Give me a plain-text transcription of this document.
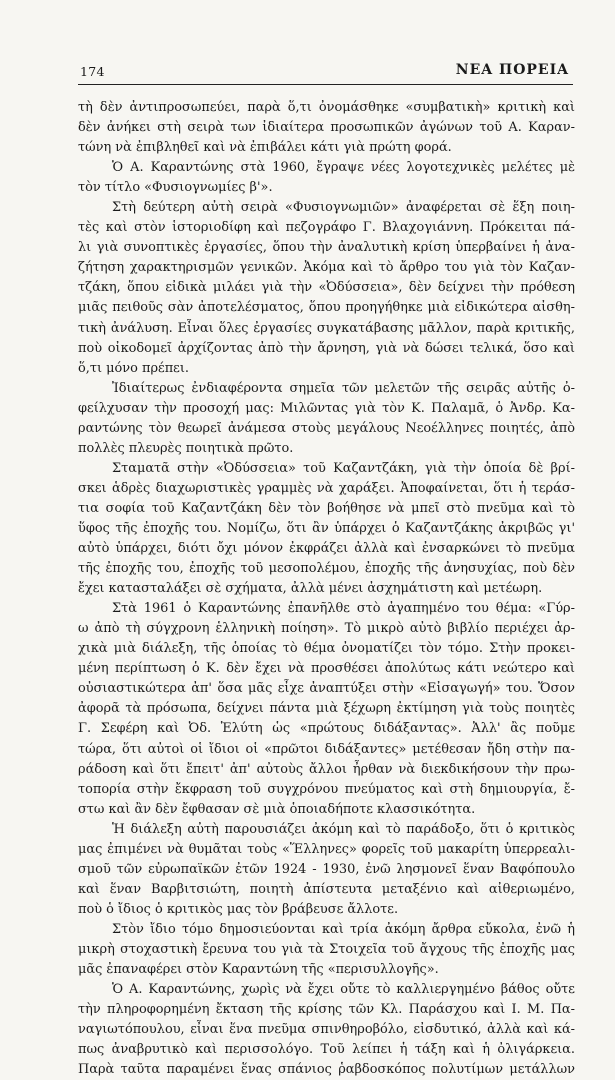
174	ΝΕΑ ΠΟΡΕΙΑ
τὴ δὲν ἀντιπροσωπεύει, παρὰ ὅ,τι ὀνομάσθηκε «συμβατικὴ» κριτικὴ καὶ
δὲν ἀνήκει στὴ σειρὰ των ἰδιαίτερα προσωπικῶν ἀγώνων τοῦ Α. Καραν-
τώνη νὰ ἐπιβληθεῖ καὶ νὰ ἐπιβάλει κάτι γιὰ πρώτη φορά.
Ὁ Α. Καραντώνης στὰ 1960, ἔγραψε νέες λογοτεχνικὲς μελέτες μὲ
τὸν τίτλο «Φυσιογνωμίες β'».
Στὴ δεύτερη αὐτὴ σειρὰ «Φυσιογνωμιῶν» ἀναφέρεται σὲ ἕξη ποιη-
τὲς καὶ στὸν ἱστοριοδίφη καὶ πεζογράφο Γ. Βλαχογιάννη. Πρόκειται πά-
λι γιὰ συνοπτικὲς ἐργασίες, ὅπου τὴν ἀναλυτικὴ κρίση ὑπερβαίνει ἡ ἀνα-
ζήτηση χαρακτηρισμῶν γενικῶν. Ἀκόμα καὶ τὸ ἄρθρο του γιὰ τὸν Καζαν-
τζάκη, ὅπου εἰδικὰ μιλάει γιὰ τὴν «Ὀδύσσεια», δὲν δείχνει τὴν πρόθεση
μιᾶς πειθοῦς σὰν ἀποτελέσματος, ὅπου προηγήθηκε μιὰ εἰδικώτερα αἰσθη-
τικὴ ἀνάλυση. Εἶναι ὅλες ἐργασίες συγκατάβασης μᾶλλον, παρὰ κριτικῆς,
ποὺ οἰκοδομεῖ ἀρχίζοντας ἀπὸ τὴν ἄρνηση, γιὰ νὰ δώσει τελικά, ὅσο καὶ
ὅ,τι μόνο πρέπει.
Ἰδιαίτερως ἐνδιαφέροντα σημεῖα τῶν μελετῶν τῆς σειρᾶς αὐτῆς ὀ-
φείλχυσαν τὴν προσοχή μας: Μιλῶντας γιὰ τὸν Κ. Παλαμᾶ, ὁ Ἀνδρ. Κα-
ραντώνης τὸν θεωρεῖ ἀνάμεσα στοὺς μεγάλους Νεοέλληνες ποιητές, ἀπὸ
πολλὲς πλευρὲς ποιητικὰ πρῶτο.
Σταματᾶ στὴν «Ὀδύσσεια» τοῦ Καζαντζάκη, γιὰ τὴν ὁποία δὲ βρί-
σκει ἁδρὲς διαχωριστικὲς γραμμὲς νὰ χαράξει. Ἀποφαίνεται, ὅτι ἡ τεράσ-
τια σοφία τοῦ Καζαντζάκη δὲν τὸν βοήθησε νὰ μπεῖ στὸ πνεῦμα καὶ τὸ
ὕφος τῆς ἐποχῆς του. Νομίζω, ὅτι ἂν ὑπάρχει ὁ Καζαντζάκης ἀκριβῶς γι'
αὐτὸ ὑπάρχει, διότι ὄχι μόνον ἐκφράζει ἀλλὰ καὶ ἐνσαρκώνει τὸ πνεῦμα
τῆς ἐποχῆς του, ἐποχῆς τοῦ μεσοπολέμου, ἐποχῆς τῆς ἀνησυχίας, ποὺ δὲν
ἔχει κατασταλάξει σὲ σχήματα, ἀλλὰ μένει ἀσχημάτιστη καὶ μετέωρη.
Στὰ 1961 ὁ Καραντώνης ἐπανῆλθε στὸ ἀγαπημένο του θέμα: «Γύρ-
ω ἀπὸ τὴ σύγχρονη ἑλληνικὴ ποίηση». Τὸ μικρὸ αὐτὸ βιβλίο περιέχει ἀρ-
χικὰ μιὰ διάλεξη, τῆς ὁποίας τὸ θέμα ὀνοματίζει τὸν τόμο. Στὴν προκει-
μένη περίπτωση ὁ Κ. δὲν ἔχει νὰ προσθέσει ἀπολύτως κάτι νεώτερο καὶ
οὐσιαστικώτερα ἀπ' ὅσα μᾶς εἶχε ἀναπτύξει στὴν «Εἰσαγωγή» του. Ὅσον
ἀφορᾶ τὰ πρόσωπα, δείχνει πάντα μιὰ ξέχωρη ἐκτίμηση γιὰ τοὺς ποιητὲς
Γ. Σεφέρη καὶ Ὀδ. Ἐλύτη ὡς «πρώτους διδάξαντας». Ἀλλ' ἂς ποῦμε
τώρα, ὅτι αὐτοὶ οἱ ἴδιοι οἱ «πρῶτοι διδάξαντες» μετέθεσαν ἤδη στὴν πα-
ράδοση καὶ ὅτι ἔπειτ' ἀπ' αὐτοὺς ἄλλοι ἦρθαν νὰ διεκδικήσουν τὴν πρω-
τοπορία στὴν ἔκφραση τοῦ συγχρόνου πνεύματος καὶ στὴ δημιουργία, ἔ-
στω καὶ ἂν δὲν ἔφθασαν σὲ μιὰ ὁποιαδήποτε κλασσικότητα.
Ἡ διάλεξη αὐτὴ παρουσιάζει ἀκόμη καὶ τὸ παράδοξο, ὅτι ὁ κριτικὸς
μας ἐπιμένει νὰ θυμᾶται τοὺς «Ἕλληνες» φορεῖς τοῦ μακαρίτη ὑπερρεαλι-
σμοῦ τῶν εὐρωπαϊκῶν ἐτῶν 1924 - 1930, ἐνῶ λησμονεῖ ἕναν Βαφόπουλο
καὶ ἕναν Βαρβιτσιώτη, ποιητὴ ἀπίστευτα μεταξένιο καὶ αἰθεριωμένο,
ποὺ ὁ ἴδιος ὁ κριτικὸς μας τὸν βράβευσε ἄλλοτε.
Στὸν ἴδιο τόμο δημοσιεύονται καὶ τρία ἀκόμη ἄρθρα εὔκολα, ἐνῶ ἡ
μικρὴ στοχαστικὴ ἔρευνα του γιὰ τὰ Στοιχεῖα τοῦ ἄγχους τῆς ἐποχῆς μας
μᾶς ἐπαναφέρει στὸν Καραντώνη τῆς «περισυλλογῆς».
Ὁ Α. Καραντώνης, χωρὶς νὰ ἔχει οὔτε τὸ καλλιεργημένο βάθος οὔτε
τὴν πληροφορημένη ἔκταση τῆς κρίσης τῶν Κλ. Παράσχου καὶ Ι. Μ. Πα-
ναγιωτόπουλου, εἶναι ἕνα πνεῦμα σπινθηροβόλο, εἰσδυτικό, ἀλλὰ καὶ κά-
πως ἀναβρυτικὸ καὶ περισσολόγο. Τοῦ λείπει ἡ τάξη καὶ ἡ ὀλιγάρκεια.
Παρὰ ταῦτα παραμένει ἕνας σπάνιος ῥαβδοσκόπος πολυτίμων μετάλλων
